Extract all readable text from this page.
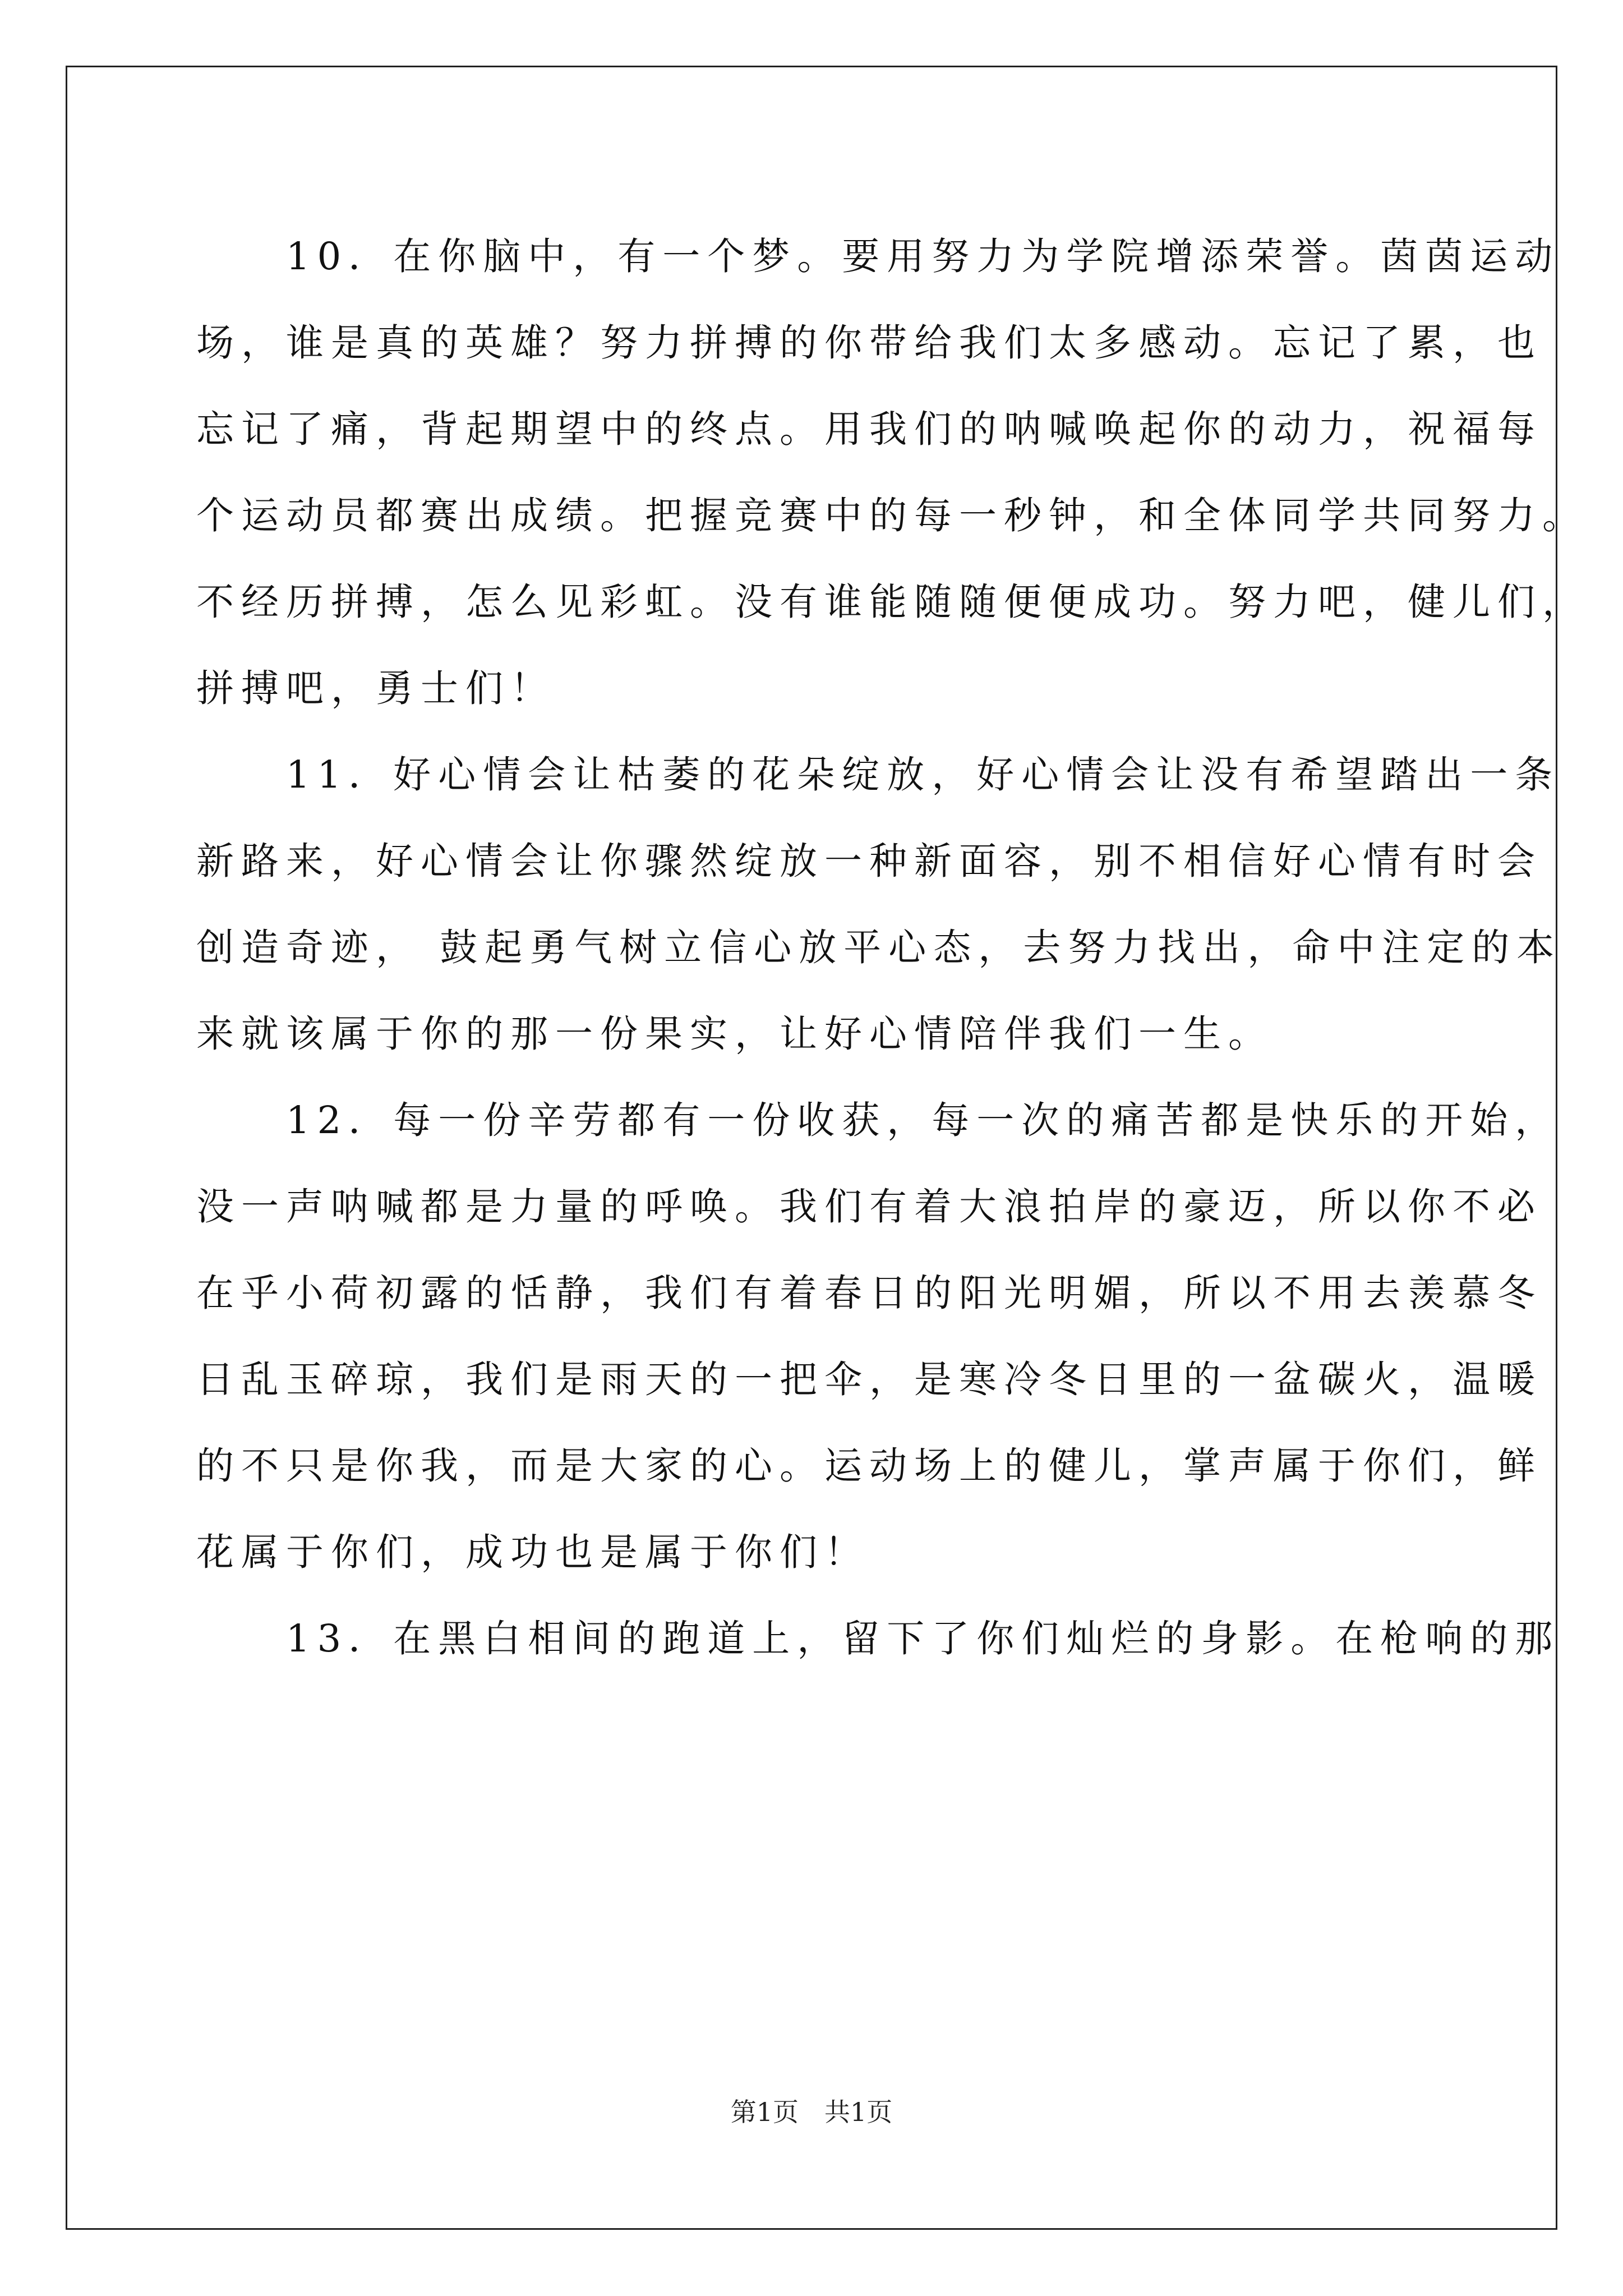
　　10．在你脑中，有一个梦。要用努力为学院增添荣誉。茵茵运动
场，谁是真的英雄？努力拼搏的你带给我们太多感动。忘记了累，也
忘记了痛，背起期望中的终点。用我们的呐喊唤起你的动力，祝福每
个运动员都赛出成绩。把握竞赛中的每一秒钟，和全体同学共同努力。
不经历拼搏，怎么见彩虹。没有谁能随随便便成功。努力吧，健儿们，
拼搏吧，勇士们！
　　11．好心情会让枯萎的花朵绽放，好心情会让没有希望踏出一条
新路来，好心情会让你骤然绽放一种新面容，别不相信好心情有时会
创造奇迹， 鼓起勇气树立信心放平心态，去努力找出，命中注定的本
来就该属于你的那一份果实，让好心情陪伴我们一生。
　　12．每一份辛劳都有一份收获，每一次的痛苦都是快乐的开始，
没一声呐喊都是力量的呼唤。我们有着大浪拍岸的豪迈，所以你不必
在乎小荷初露的恬静，我们有着春日的阳光明媚，所以不用去羡慕冬
日乱玉碎琼，我们是雨天的一把伞，是寒冷冬日里的一盆碳火，温暖
的不只是你我，而是大家的心。运动场上的健儿，掌声属于你们，鲜
花属于你们，成功也是属于你们！
　　13．在黑白相间的跑道上，留下了你们灿烂的身影。在枪响的那
第1页　共1页
